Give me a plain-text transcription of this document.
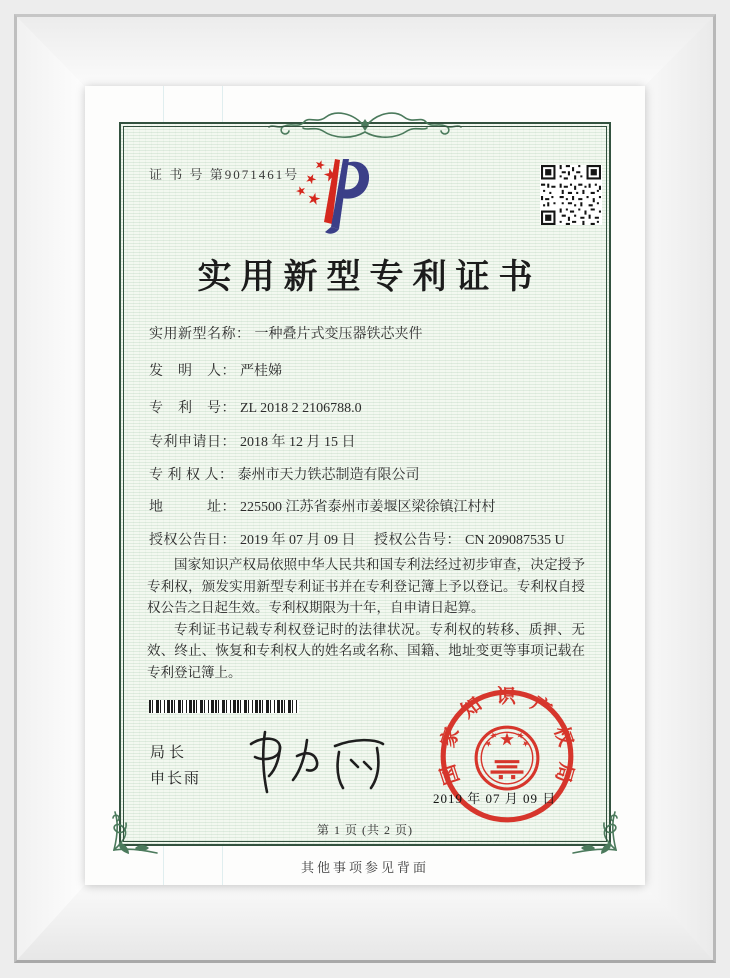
证 书 号 第9071461号
实用新型专利证书
实用新型名称： 一种叠片式变压器铁芯夹件
发　明　人： 严桂娣
专　利　号： ZL 2018 2 2106788.0
专利申请日： 2018 年 12 月 15 日
专 利 权 人： 泰州市天力铁芯制造有限公司
地　　　址： 225500 江苏省泰州市姜堰区梁徐镇江村村
授权公告日： 2019 年 07 月 09 日 授权公告号： CN 209087535 U

国家知识产权局依照中华人民共和国专利法经过初步审查，决定授予专利权，颁发实用新型专利证书并在专利登记簿上予以登记。专利权自授权公告之日起生效。专利权期限为十年，自申请日起算。

专利证书记载专利权登记时的法律状况。专利权的转移、质押、无效、终止、恢复和专利权人的姓名或名称、国籍、地址变更等事项记载在专利登记簿上。

局长
申长雨	国
家
知 识 产
权
局
2019 年 07 月 09 日
第 1 页 (共 2 页)
其他事项参见背面
